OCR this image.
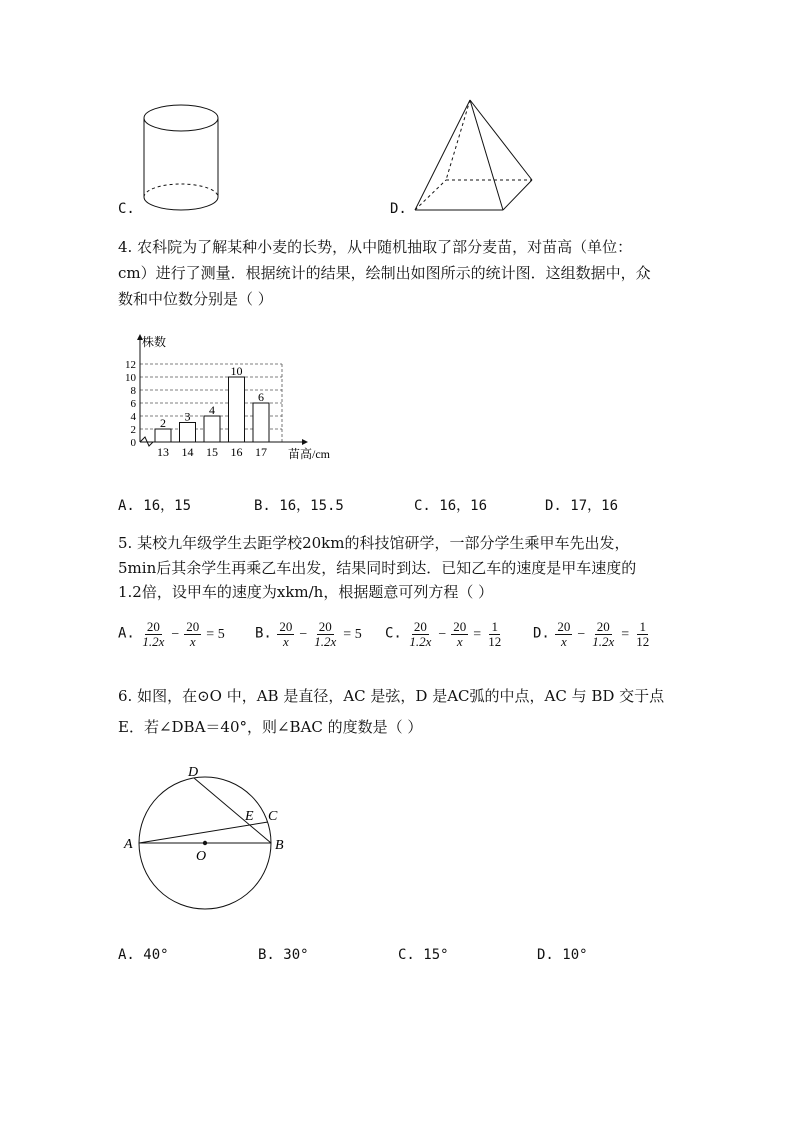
C.	D.
4. 农科院为了解某种小麦的长势，从中随机抽取了部分麦苗，对苗高（单位：
cm）进行了测量．根据统计的结果，绘制出如图所示的统计图．这组数据中，众
数和中位数分别是（ ）
株数
苗高/cm
0
2
4
6
8
10
12
2
13
3
14
4
15
10
16
6
17
A. 16，15	B. 16，15.5	C. 16，16	D. 17，16
5. 某校九年级学生去距学校20km的科技馆研学，一部分学生乘甲车先出发，
5min后其余学生再乘乙车出发，结果同时到达．已知乙车的速度是甲车速度的
1.2倍，设甲车的速度为xkm/h，根据题意可列方程（ ）
A. $\frac{20}{1.2x} - \frac{20}{x} = 5$ B. $\frac{20}{x} - \frac{20}{1.2x} = 5$ C. $\frac{20}{1.2x} - \frac{20}{x} = \frac{1}{12} D$. $\frac{20}{x} - \frac{20}{1.2x} = \frac{1}{12}$
6. 如图，在⊙O 中，AB 是直径，AC 是弦，D 是AC弧的中点，AC 与 BD 交于点
E．若∠DBA＝40°，则∠BAC 的度数是（ ）
A	B
C
D
E
O
A. 40°	B. 30°	C. 15°	D. 10°
